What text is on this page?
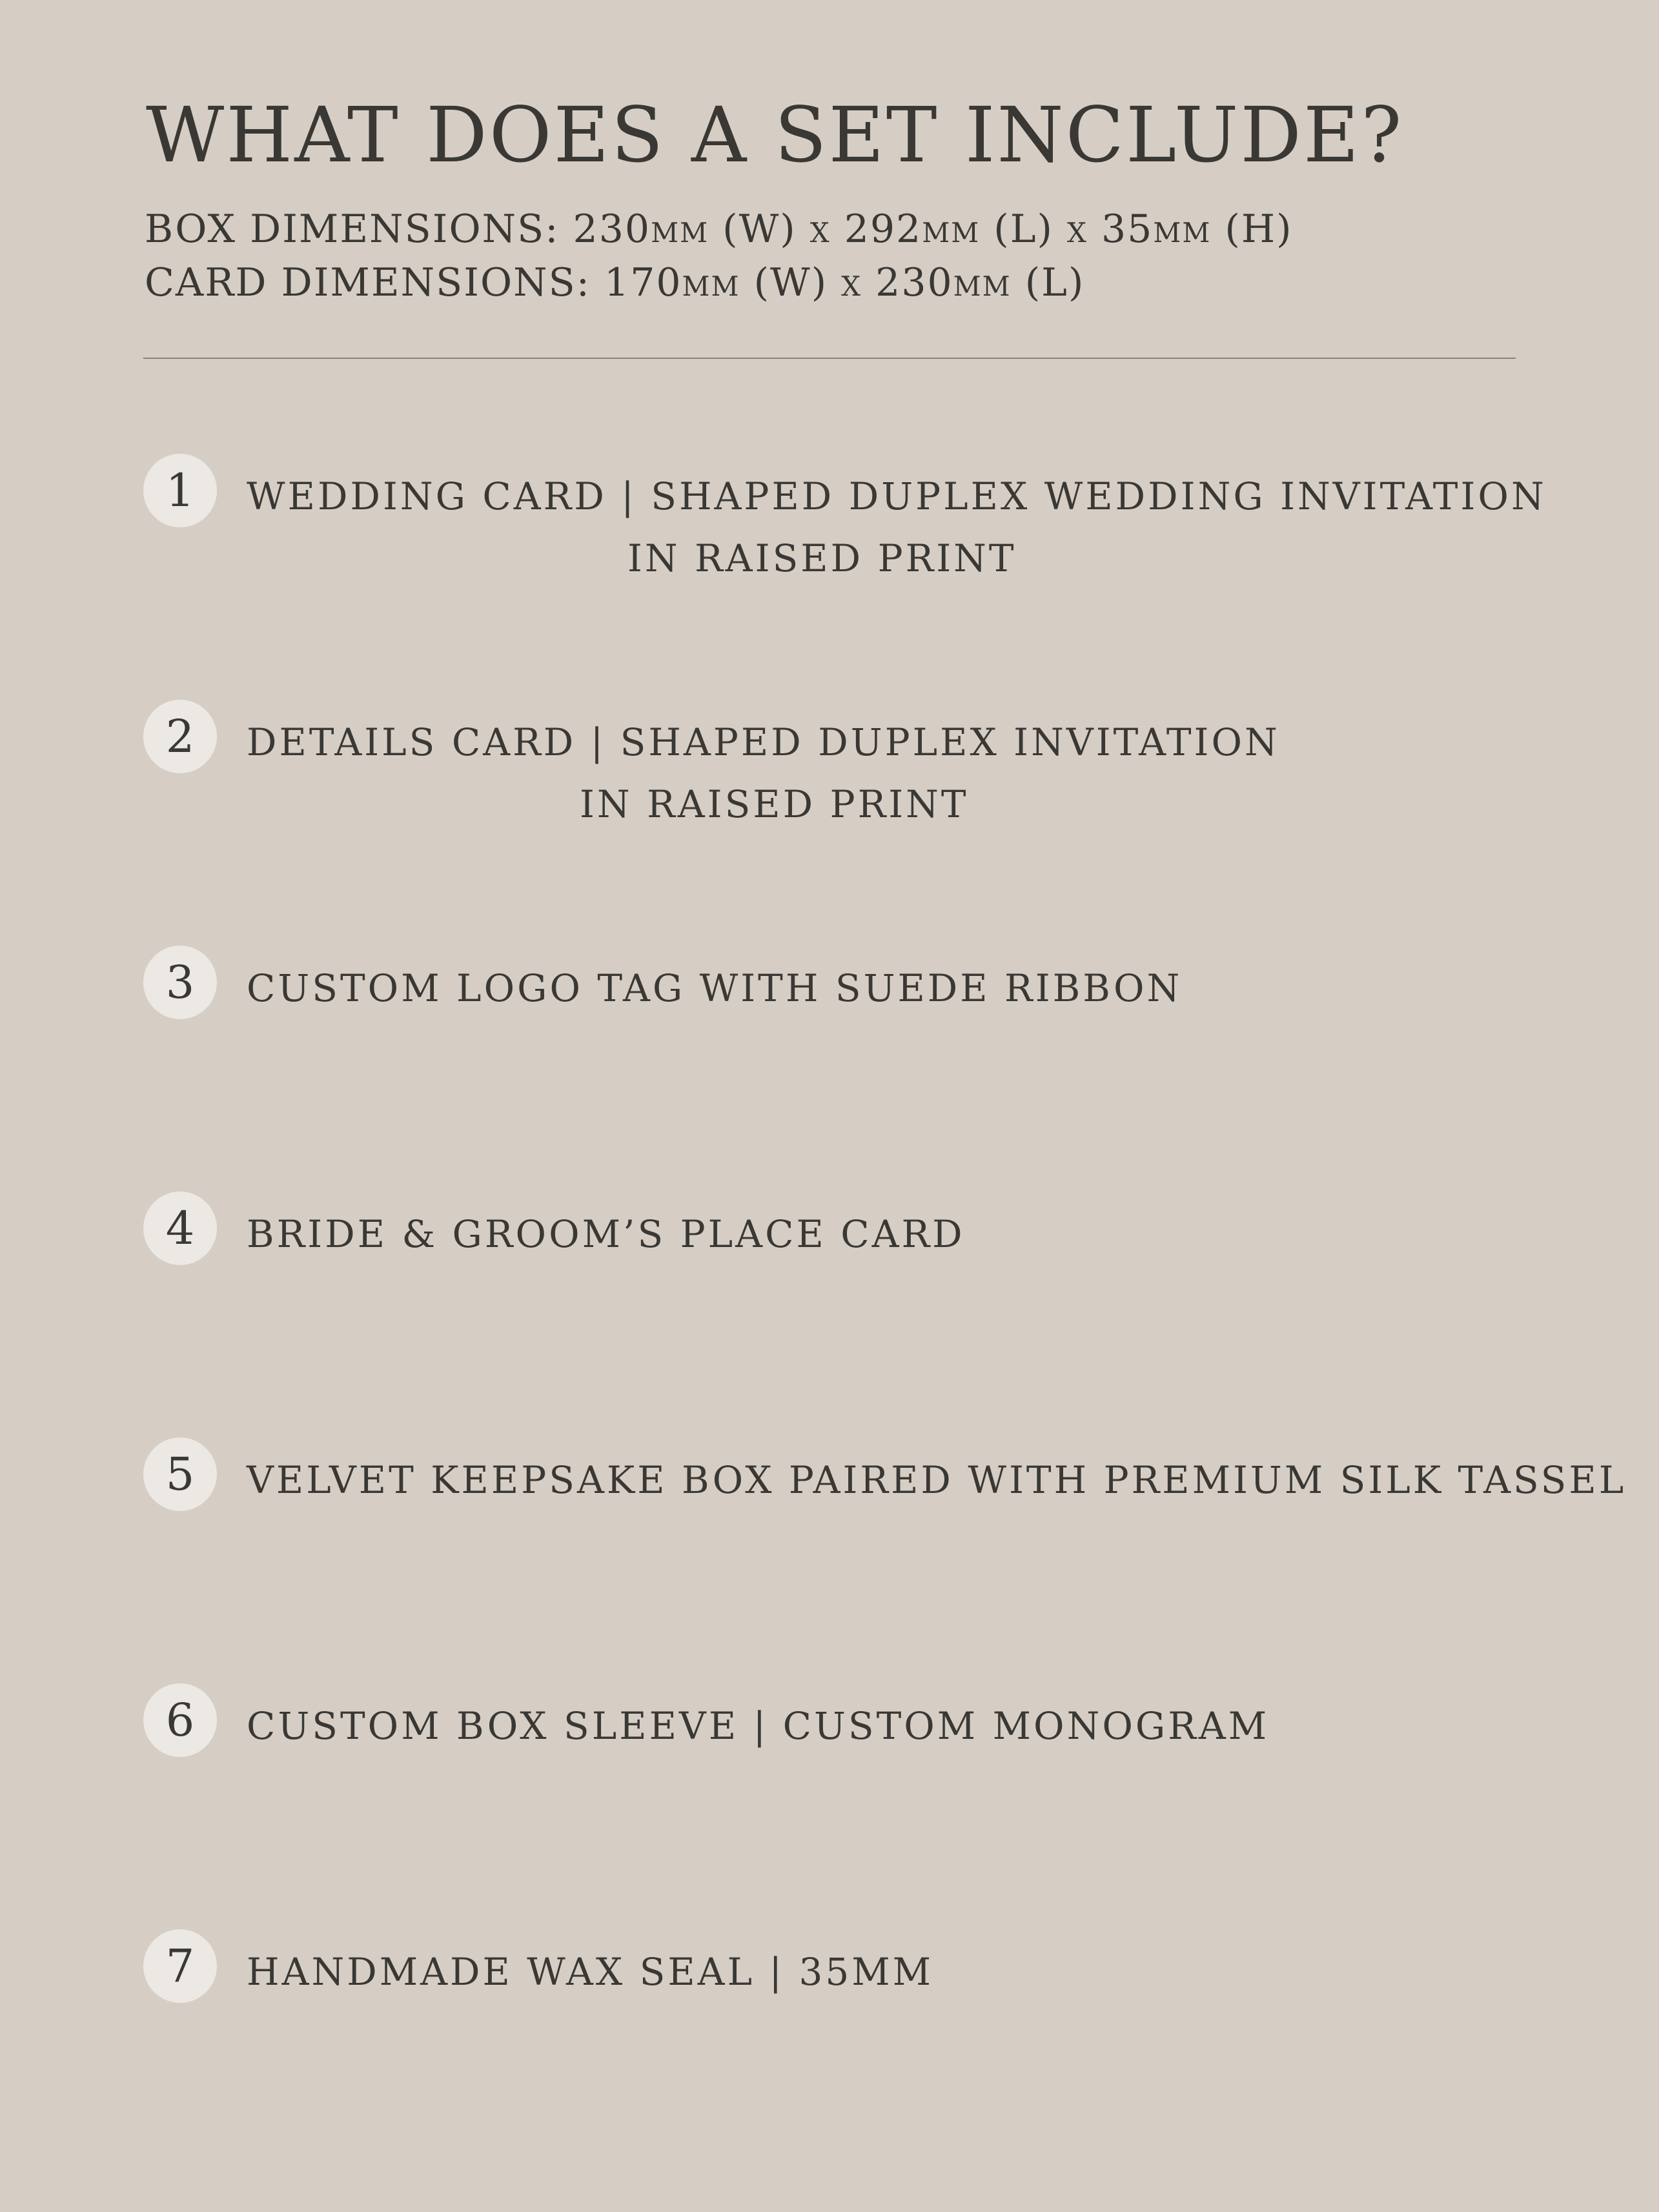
WHAT DOES A SET INCLUDE?
BOX DIMENSIONS: 230mm (W) x 292mm (L) x 35mm (H)
CARD DIMENSIONS: 170mm (W) x 230mm (L)
1	WEDDING CARD | SHAPED DUPLEX WEDDING INVITATION
IN RAISED PRINT
2	DETAILS CARD | SHAPED DUPLEX INVITATION
IN RAISED PRINT
3	CUSTOM LOGO TAG WITH SUEDE RIBBON
4	BRIDE & GROOM’S PLACE CARD
5	VELVET KEEPSAKE BOX PAIRED WITH PREMIUM SILK TASSEL
6	CUSTOM BOX SLEEVE | CUSTOM MONOGRAM
7	HANDMADE WAX SEAL | 35MM
